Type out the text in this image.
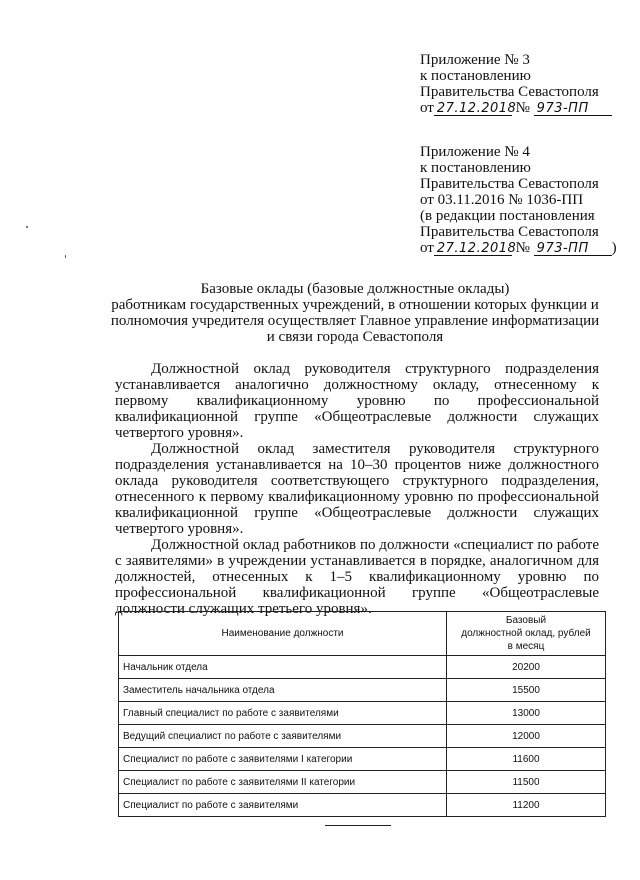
Приложение № 3
к постановлению
Правительства Севастополя
от 27.12.2018 № 973-ПП
Приложение № 4
к постановлению
Правительства Севастополя
от 03.11.2016 № 1036-ПП
(в редакции постановления
Правительства Севастополя
от 27.12.2018 № 973-ПП )
Базовые оклады (базовые должностные оклады)
работникам государственных учреждений, в отношении которых функции и
полномочия учредителя осуществляет Главное управление информатизации
и связи города Севастополя

Должностной оклад руководителя структурного подразделения устанавливается аналогично должностному окладу, отнесенному к первому квалификационному уровню по профессиональной квалификационной группе «Общеотраслевые должности служащих четвертого уровня».

Должностной оклад заместителя руководителя структурного подразделения устанавливается на 10–30 процентов ниже должностного оклада руководителя соответствующего структурного подразделения, отнесенного к первому квалификационному уровню по профессиональной квалификационной группе «Общеотраслевые должности служащих четвертого уровня».

Должностной оклад работников по должности «специалист по работе с заявителями» в учреждении устанавливается в порядке, аналогичном для должностей, отнесенных к 1–5 квалификационному уровню по профессиональной квалификационной группе «Общеотраслевые должности служащих третьего уровня».

Наименование должности	Базовый
должностной оклад, рублей
в месяц

Начальник отдела	20200
Заместитель начальника отдела	15500
Главный специалист по работе с заявителями	13000
Ведущий специалист по работе с заявителями	12000
Специалист по работе с заявителями I категории	11600
Специалист по работе с заявителями II категории	11500
Специалист по работе с заявителями	11200
